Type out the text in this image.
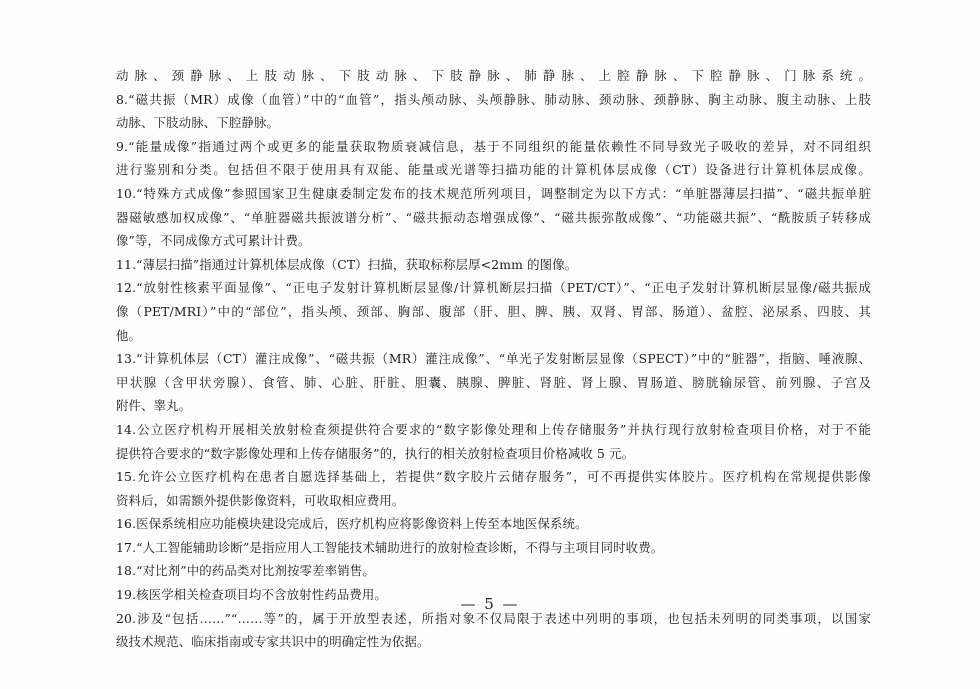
动脉、颈静脉、上肢动脉、下肢动脉、下肢静脉、肺静脉、上腔静脉、下腔静脉、门脉系统。
8.“磁共振（MR）成像（血管）”中的“血管”，指头颅动脉、头颅静脉、肺动脉、颈动脉、颈静脉、胸主动脉、腹主动脉、上肢
动脉、下肢动脉、下腔静脉。
9.“能量成像”指通过两个或更多的能量获取物质衰减信息，基于不同组织的能量依赖性不同导致光子吸收的差异，对不同组织
进行鉴别和分类。包括但不限于使用具有双能、能量或光谱等扫描功能的计算机体层成像（CT）设备进行计算机体层成像。
10.“特殊方式成像”参照国家卫生健康委制定发布的技术规范所列项目，调整制定为以下方式：“单脏器薄层扫描”、“磁共振单脏
器磁敏感加权成像”、“单脏器磁共振波谱分析”、“磁共振动态增强成像”、“磁共振弥散成像”、“功能磁共振”、“酰胺质子转移成
像”等，不同成像方式可累计计费。
11.“薄层扫描”指通过计算机体层成像（CT）扫描，获取标称层厚<2mm 的图像。
12.“放射性核素平面显像”、“正电子发射计算机断层显像/计算机断层扫描（PET/CT）”、“正电子发射计算机断层显像/磁共振成
像（PET/MRI）”中的“部位”，指头颅、颈部、胸部、腹部（肝、胆、脾、胰、双肾、胃部、肠道）、盆腔、泌尿系、四肢、其
他。
13.“计算机体层（CT）灌注成像”、“磁共振（MR）灌注成像”、“单光子发射断层显像（SPECT）”中的“脏器”，指脑、唾液腺、
甲状腺（含甲状旁腺）、食管、肺、心脏、肝脏、胆囊、胰腺、脾脏、肾脏、肾上腺、胃肠道、膀胱输尿管、前列腺、子宫及
附件、睾丸。
14.公立医疗机构开展相关放射检查须提供符合要求的“数字影像处理和上传存储服务”并执行现行放射检查项目价格，对于不能
提供符合要求的“数字影像处理和上传存储服务”的，执行的相关放射检查项目价格减收 5 元。
15.允许公立医疗机构在患者自愿选择基础上，若提供“数字胶片云储存服务”，可不再提供实体胶片。医疗机构在常规提供影像
资料后，如需额外提供影像资料，可收取相应费用。
16.医保系统相应功能模块建设完成后，医疗机构应将影像资料上传至本地医保系统。
17.“人工智能辅助诊断”是指应用人工智能技术辅助进行的放射检查诊断，不得与主项目同时收费。
18.“对比剂”中的药品类对比剂按零差率销售。
19.核医学相关检查项目均不含放射性药品费用。
20.涉及“包括……”“……等”的，属于开放型表述，所指对象不仅局限于表述中列明的事项，也包括未列明的同类事项，以国家
级技术规范、临床指南或专家共识中的明确定性为依据。
— 5 —
